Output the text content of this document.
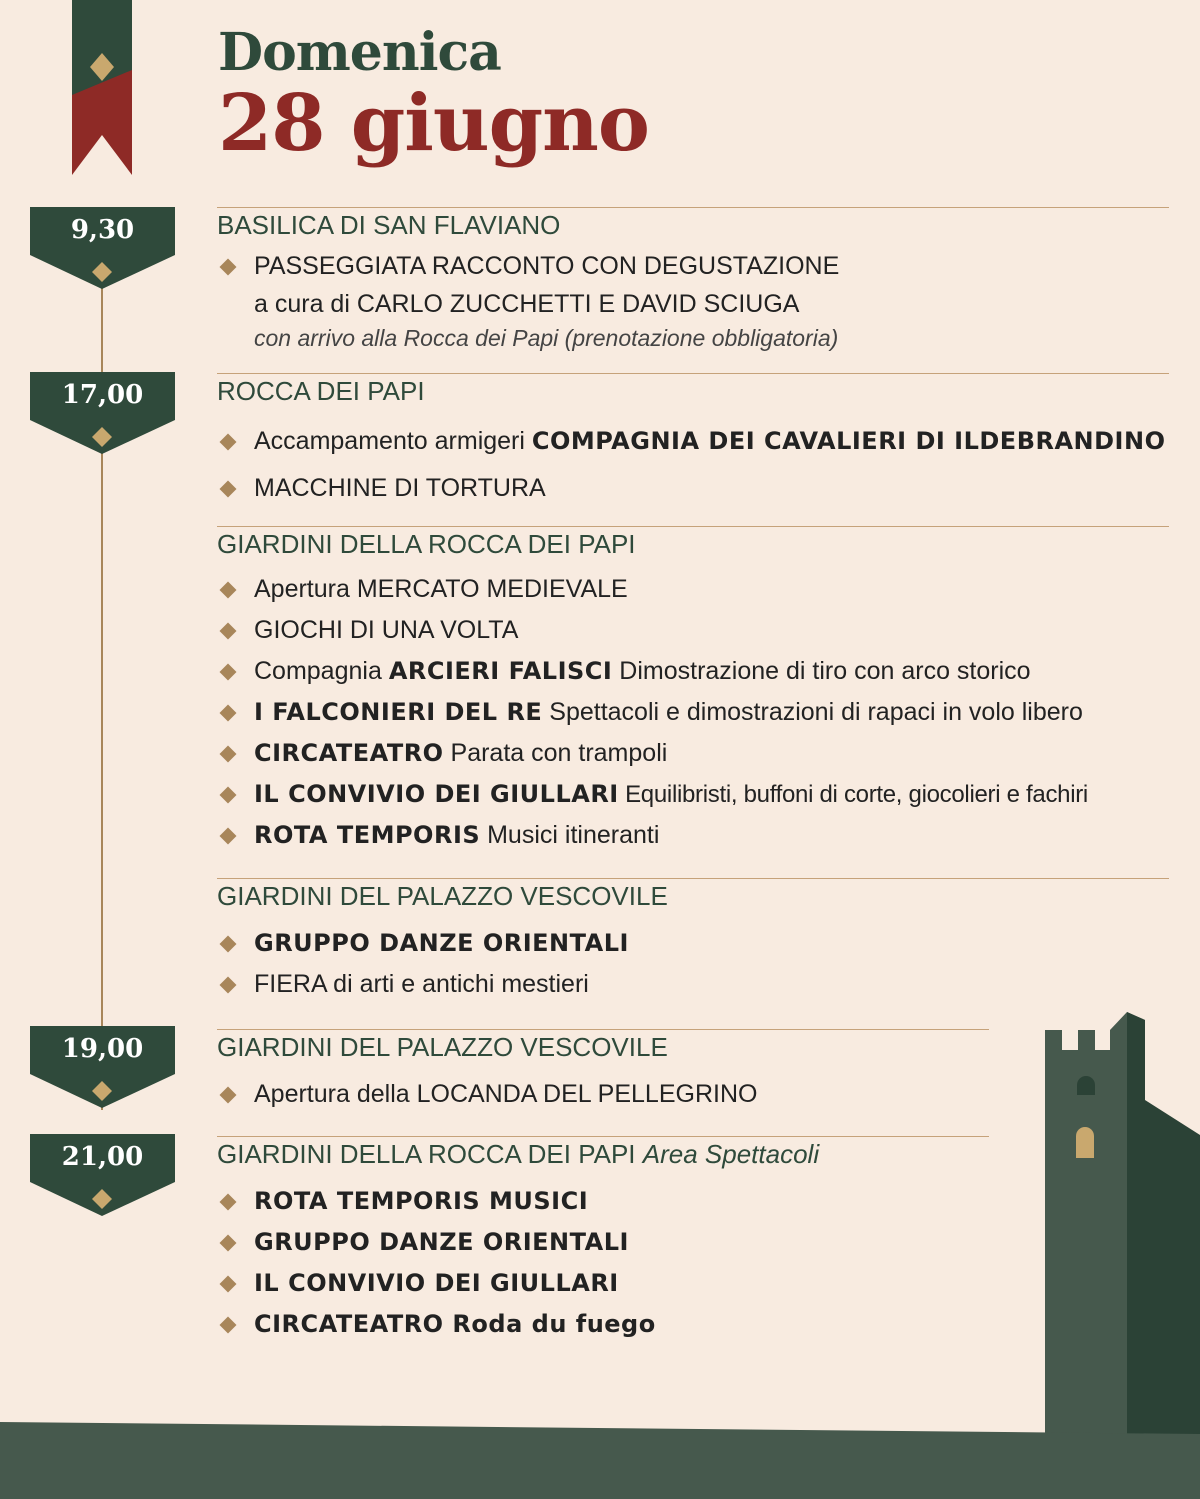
Domenica
28 giugno
9,30
17,00
19,00
21,00
BASILICA DI SAN FLAVIANO
PASSEGGIATA RACCONTO CON DEGUSTAZIONE
a cura di CARLO ZUCCHETTI E DAVID SCIUGA
con arrivo alla Rocca dei Papi (prenotazione obbligatoria)
ROCCA DEI PAPI
Accampamento armigeri COMPAGNIA DEI CAVALIERI DI ILDEBRANDINO
MACCHINE DI TORTURA
GIARDINI DELLA ROCCA DEI PAPI
Apertura MERCATO MEDIEVALE
GIOCHI DI UNA VOLTA
Compagnia ARCIERI FALISCI Dimostrazione di tiro con arco storico
I FALCONIERI DEL RE Spettacoli e dimostrazioni di rapaci in volo libero
CIRCATEATRO Parata con trampoli
IL CONVIVIO DEI GIULLARI Equilibristi, buffoni di corte, giocolieri e fachiri
ROTA TEMPORIS Musici itineranti
GIARDINI DEL PALAZZO VESCOVILE
GRUPPO DANZE ORIENTALI
FIERA di arti e antichi mestieri
GIARDINI DEL PALAZZO VESCOVILE
Apertura della LOCANDA DEL PELLEGRINO
GIARDINI DELLA ROCCA DEI PAPI Area Spettacoli
ROTA TEMPORIS MUSICI
GRUPPO DANZE ORIENTALI
IL CONVIVIO DEI GIULLARI
CIRCATEATRO Roda du fuego
